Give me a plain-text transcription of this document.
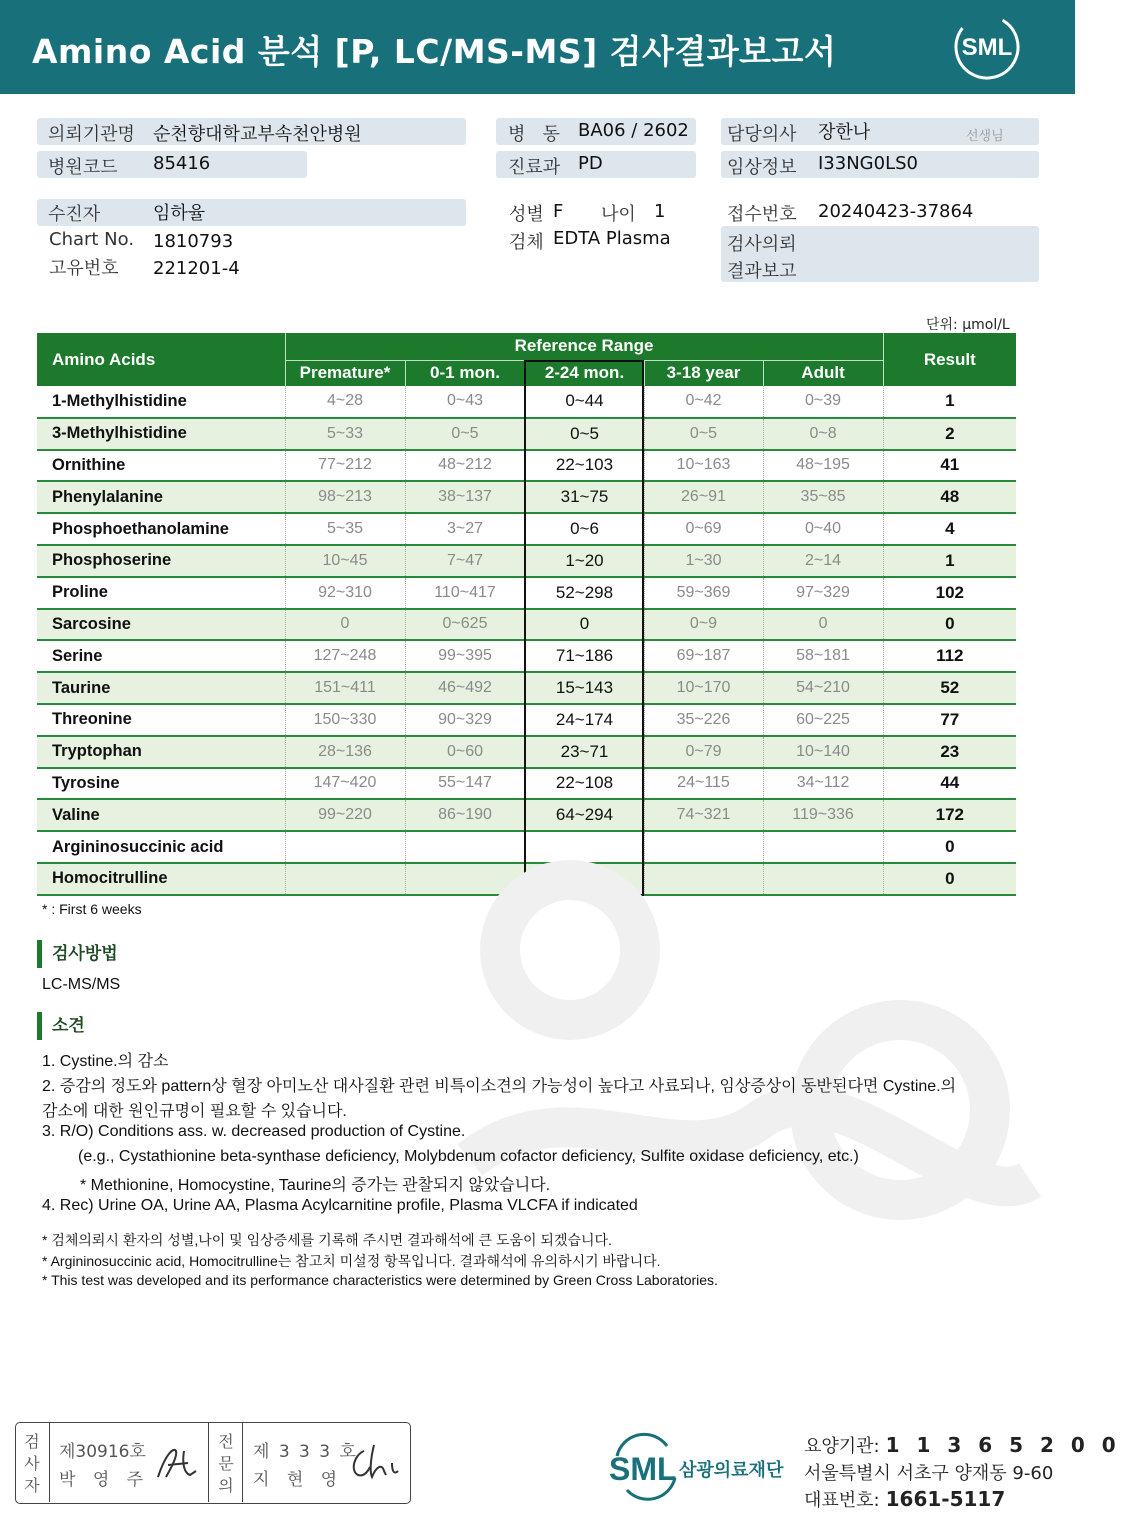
Amino Acid 분석 [P, LC/MS-MS] 검사결과보고서	SML
의뢰기관명 순천향대학교부속천안병원
병원코드 85416
병   동 BA06 / 2602
진료과 PD
담당의사 장한나	선생님
임상정보 I33NG0LS0
수진자	임하율
Chart No. 1810793
고유번호 221201-4
성별 F 나이 1
검체 EDTA Plasma
접수번호 20240423-37864
검사의뢰
결과보고
단위: μmol/L
Amino Acids	Reference Range					Result
	Premature*	0-1 mon.	2-24 mon.	3-18 year	Adult	
1-Methylhistidine	4~28	0~43	0~44	0~42	0~39	1
3-Methylhistidine	5~33	0~5	0~5	0~5	0~8	2
Ornithine	77~212	48~212	22~103	10~163	48~195	41
Phenylalanine	98~213	38~137	31~75	26~91	35~85	48
Phosphoethanolamine	5~35	3~27	0~6	0~69	0~40	4
Phosphoserine	10~45	7~47	1~20	1~30	2~14	1
Proline	92~310	110~417	52~298	59~369	97~329	102
Sarcosine	0	0~625	0	0~9	0	0
Serine	127~248	99~395	71~186	69~187	58~181	112
Taurine	151~411	46~492	15~143	10~170	54~210	52
Threonine	150~330	90~329	24~174	35~226	60~225	77
Tryptophan	28~136	0~60	23~71	0~79	10~140	23
Tyrosine	147~420	55~147	22~108	24~115	34~112	44
Valine	99~220	86~190	64~294	74~321	119~336	172
Argininosuccinic acid						0
Homocitrulline						0
* : First 6 weeks
검사방법
LC-MS/MS
소견
1. Cystine.의 감소
2. 증감의 정도와 pattern상 혈장 아미노산 대사질환 관련 비특이소견의 가능성이 높다고 사료되나, 임상증상이 동반된다면 Cystine.의
감소에 대한 원인규명이 필요할 수 있습니다.
3. R/O) Conditions ass. w. decreased production of Cystine.
(e.g., Cystathionine beta-synthase deficiency, Molybdenum cofactor deficiency, Sulfite oxidase deficiency, etc.)
* Methionine, Homocystine, Taurine의 증가는 관찰되지 않았습니다.
4. Rec) Urine OA, Urine AA, Plasma Acylcarnitine profile, Plasma VLCFA if indicated
* 검체의뢰시 환자의 성별,나이 및 임상증세를 기록해 주시면 결과해석에 큰 도움이 되겠습니다.
* Argininosuccinic acid, Homocitrulline는 참고치 미설정 항목입니다. 결과해석에 유의하시기 바랍니다.
* This test was developed and its performance characteristics were determined by Green Cross Laboratories.
검
사
자
제30916호
박 영 주
전
문
의
제 3 3 3 호
지 현 영	SML 삼광의료재단
요양기관: 1 1 3 6 5 2 0 0
서울특별시 서초구 양재동 9-60
대표번호: 1661-5117
